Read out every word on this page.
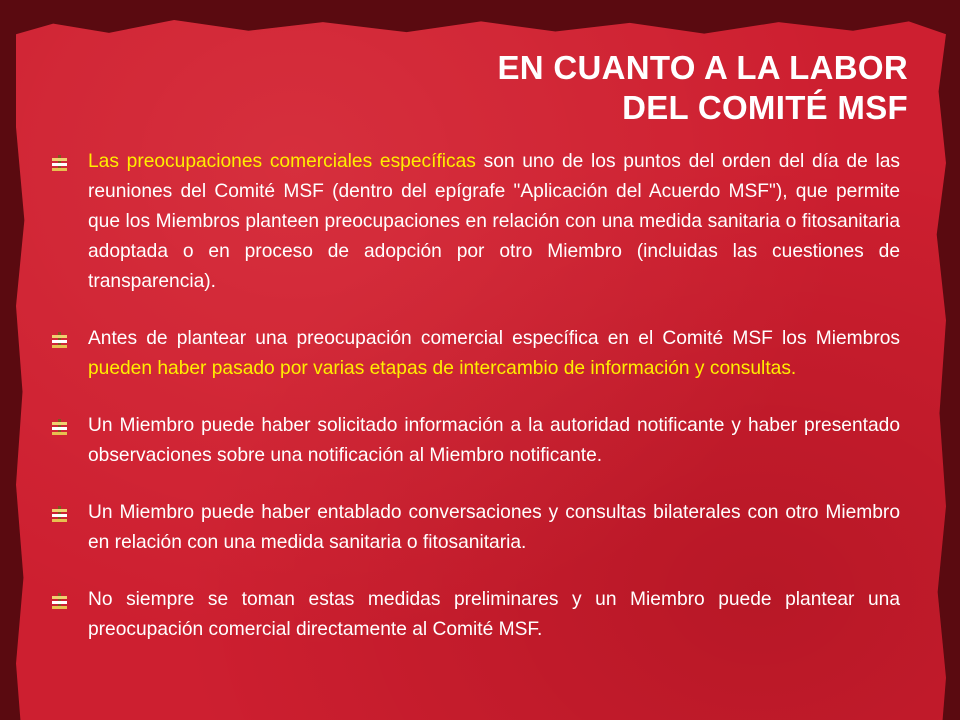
EN CUANTO A LA LABOR
DEL COMITÉ MSF
Las preocupaciones comerciales específicas son uno de los puntos del orden del día de las reuniones del Comité MSF (dentro del epígrafe "Aplicación del Acuerdo MSF"), que permite que los Miembros planteen preocupaciones en relación con una medida sanitaria o fitosanitaria adoptada o en proceso de adopción por otro Miembro (incluidas las cuestiones de transparencia).
Antes de plantear una preocupación comercial específica en el Comité MSF los Miembros pueden haber pasado por varias etapas de intercambio de información y consultas.
Un Miembro puede haber solicitado información a la autoridad notificante y haber presentado observaciones sobre una notificación al Miembro notificante.
Un Miembro puede haber entablado conversaciones y consultas bilaterales con otro Miembro en relación con una medida sanitaria o fitosanitaria.
No siempre se toman estas medidas preliminares y un Miembro puede plantear una preocupación comercial directamente al Comité MSF.
